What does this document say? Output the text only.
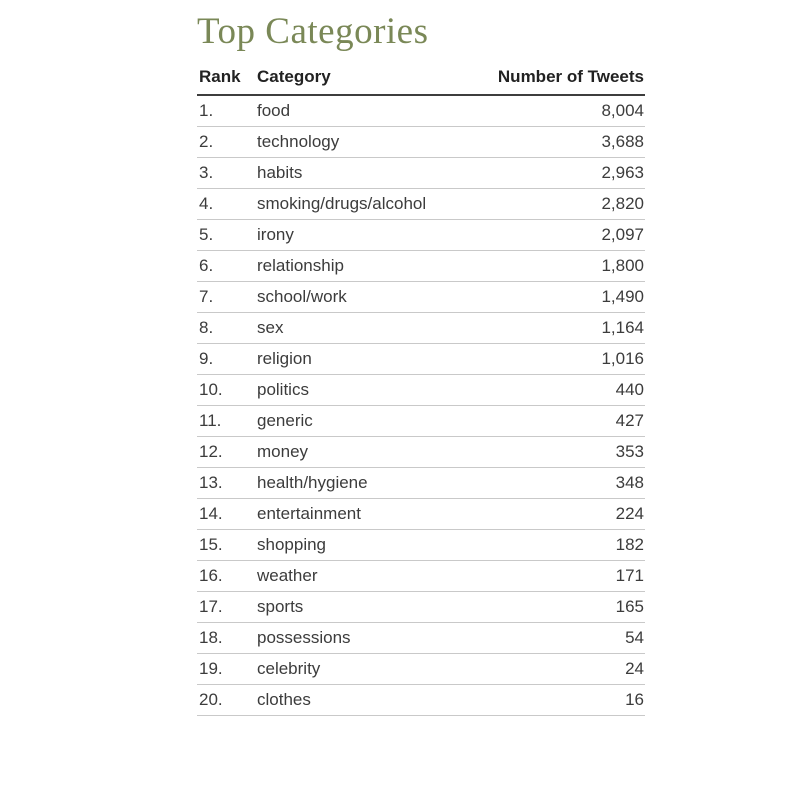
Top Categories
Rank	Category	Number of Tweets
1.	food	8,004
2.	technology	3,688
3.	habits	2,963
4.	smoking/drugs/alcohol	2,820
5.	irony	2,097
6.	relationship	1,800
7.	school/work	1,490
8.	sex	1,164
9.	religion	1,016
10.	politics	440
11.	generic	427
12.	money	353
13.	health/hygiene	348
14.	entertainment	224
15.	shopping	182
16.	weather	171
17.	sports	165
18.	possessions	54
19.	celebrity	24
20.	clothes	16
